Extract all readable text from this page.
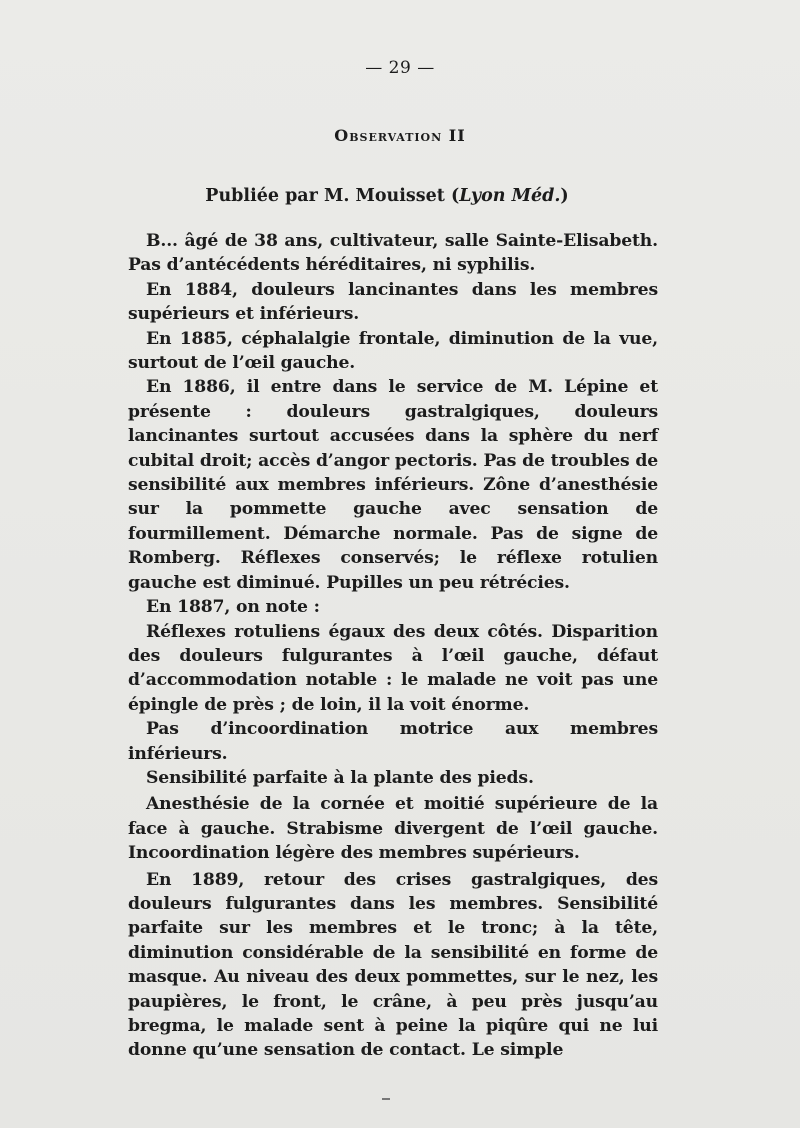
— 29 —
Observation II
Publiée par M. Mouisset (Lyon Méd.)

B... âgé de 38 ans, cultivateur, salle Sainte-Elisabeth. Pas d’antécédents héréditaires, ni syphilis.

En 1884, douleurs lancinantes dans les membres supérieurs et inférieurs.

En 1885, céphalalgie frontale, diminution de la vue, surtout de l’œil gauche.

En 1886, il entre dans le service de M. Lépine et présente : douleurs gastralgiques, douleurs lancinantes surtout accusées dans la sphère du nerf cubital droit; accès d’angor pectoris. Pas de troubles de sensibilité aux membres inférieurs. Zône d’anesthésie sur la pommette gauche avec sensation de fourmillement. Démarche normale. Pas de signe de Romberg. Réflexes conservés; le réflexe rotulien gauche est diminué. Pupilles un peu rétrécies.

En 1887, on note :

Réflexes rotuliens égaux des deux côtés. Disparition des douleurs fulgurantes à l’œil gauche, défaut d’accommodation notable : le malade ne voit pas une épingle de près ; de loin, il la voit énorme.

Pas d’incoordination motrice aux membres inférieurs.

Sensibilité parfaite à la plante des pieds.

Anesthésie de la cornée et moitié supérieure de la face à gauche. Strabisme divergent de l’œil gauche. Incoordination légère des membres supérieurs.

En 1889, retour des crises gastralgiques, des douleurs fulgurantes dans les membres. Sensibilité parfaite sur les membres et le tronc; à la tête, diminution considérable de la sensibilité en forme de masque. Au niveau des deux pommettes, sur le nez, les paupières, le front, le crâne, à peu près jusqu’au bregma, le malade sent à peine la piqûre qui ne lui donne qu’une sensation de contact. Le simple
